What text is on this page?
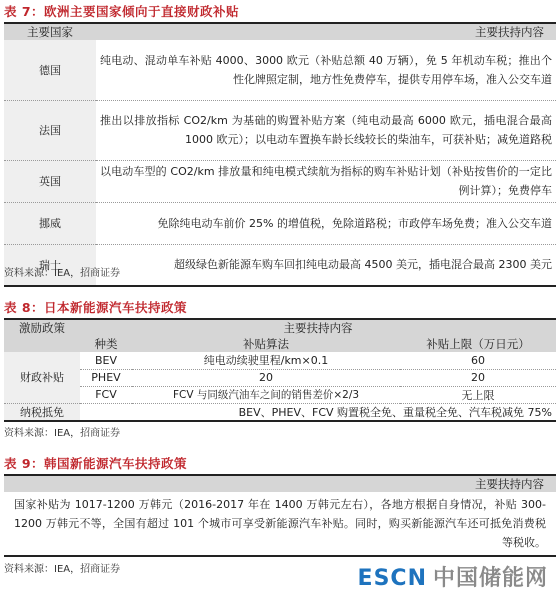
表 7：欧洲主要国家倾向于直接财政补贴
主要国家	主要扶持内容
德国	纯电动、混动单车补贴 4000、3000 欧元（补贴总额 40 万辆），免 5 年机动车税；推出个性化牌照定制，地方性免费停车，提供专用停车场，准入公交车道
法国	推出以排放指标 CO2/km 为基础的购置补贴方案（纯电动最高 6000 欧元，插电混合最高 1000 欧元）；以电动车置换车龄长线较长的柴油车，可获补贴；减免道路税
英国	以电动车型的 CO2/km 排放量和纯电模式续航为指标的购车补贴计划（补贴按售价的一定比例计算）；免费停车
挪威	免除纯电动车前价 25% 的增值税，免除道路税；市政停车场免费；准入公交车道
瑞士	超级绿色新能源车购车回扣纯电动最高 4500 美元，插电混合最高 2300 美元
资料来源：IEA，招商证券
表 8：日本新能源汽车扶持政策
激励政策	主要扶持内容		
	种类	补贴算法	补贴上限（万日元）
财政补贴	BEV	纯电动续驶里程/km×0.1	60
	PHEV	20	20
	FCV	FCV 与同级汽油车之间的销售差价×2/3	无上限
纳税抵免	BEV、PHEV、FCV 购置税全免、重量税全免、汽车税减免 75%		
资料来源：IEA，招商证券
表 9：韩国新能源汽车扶持政策
主要扶持内容
国家补贴为 1017-1200 万韩元（2016-2017 年在 1400 万韩元左右），各地方根据自身情况，补贴 300-1200 万韩元不等，全国有超过 101 个城市可享受新能源汽车补贴。同时，购买新能源汽车还可抵免消费税等税收。
资料来源：IEA，招商证券	ESCN 中国储能网
